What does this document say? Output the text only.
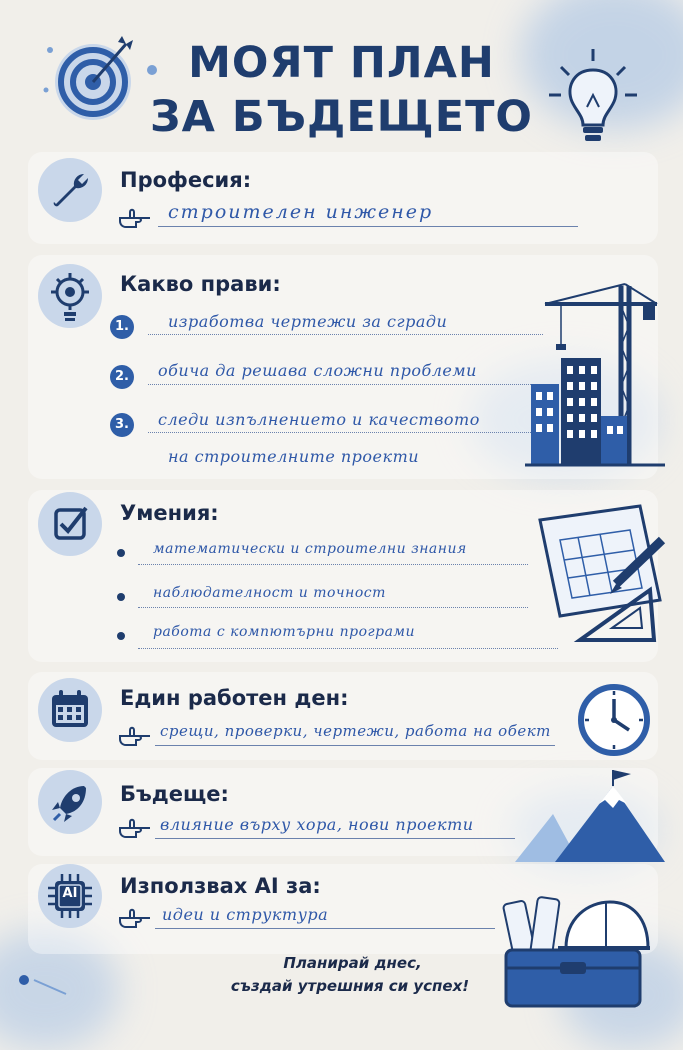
МОЯТ ПЛАН
ЗА БЪДЕЩЕТО
Професия:
строителен инженер
Какво прави:
1.	изработва чертежи за сгради
2.	обича да решава сложни проблеми
3.	следи изпълнението и качеството
на строителните проекти
Умения:
математически и строителни знания
наблюдателност и точност
работа с компютърни програми
Един работен ден:
срещи, проверки, чертежи, работа на обект
Бъдеще:
влияние върху хора, нови проекти
AI	Използвах AI за:
идеи и структура
Планирай днес,
създай утрешния си успех!
